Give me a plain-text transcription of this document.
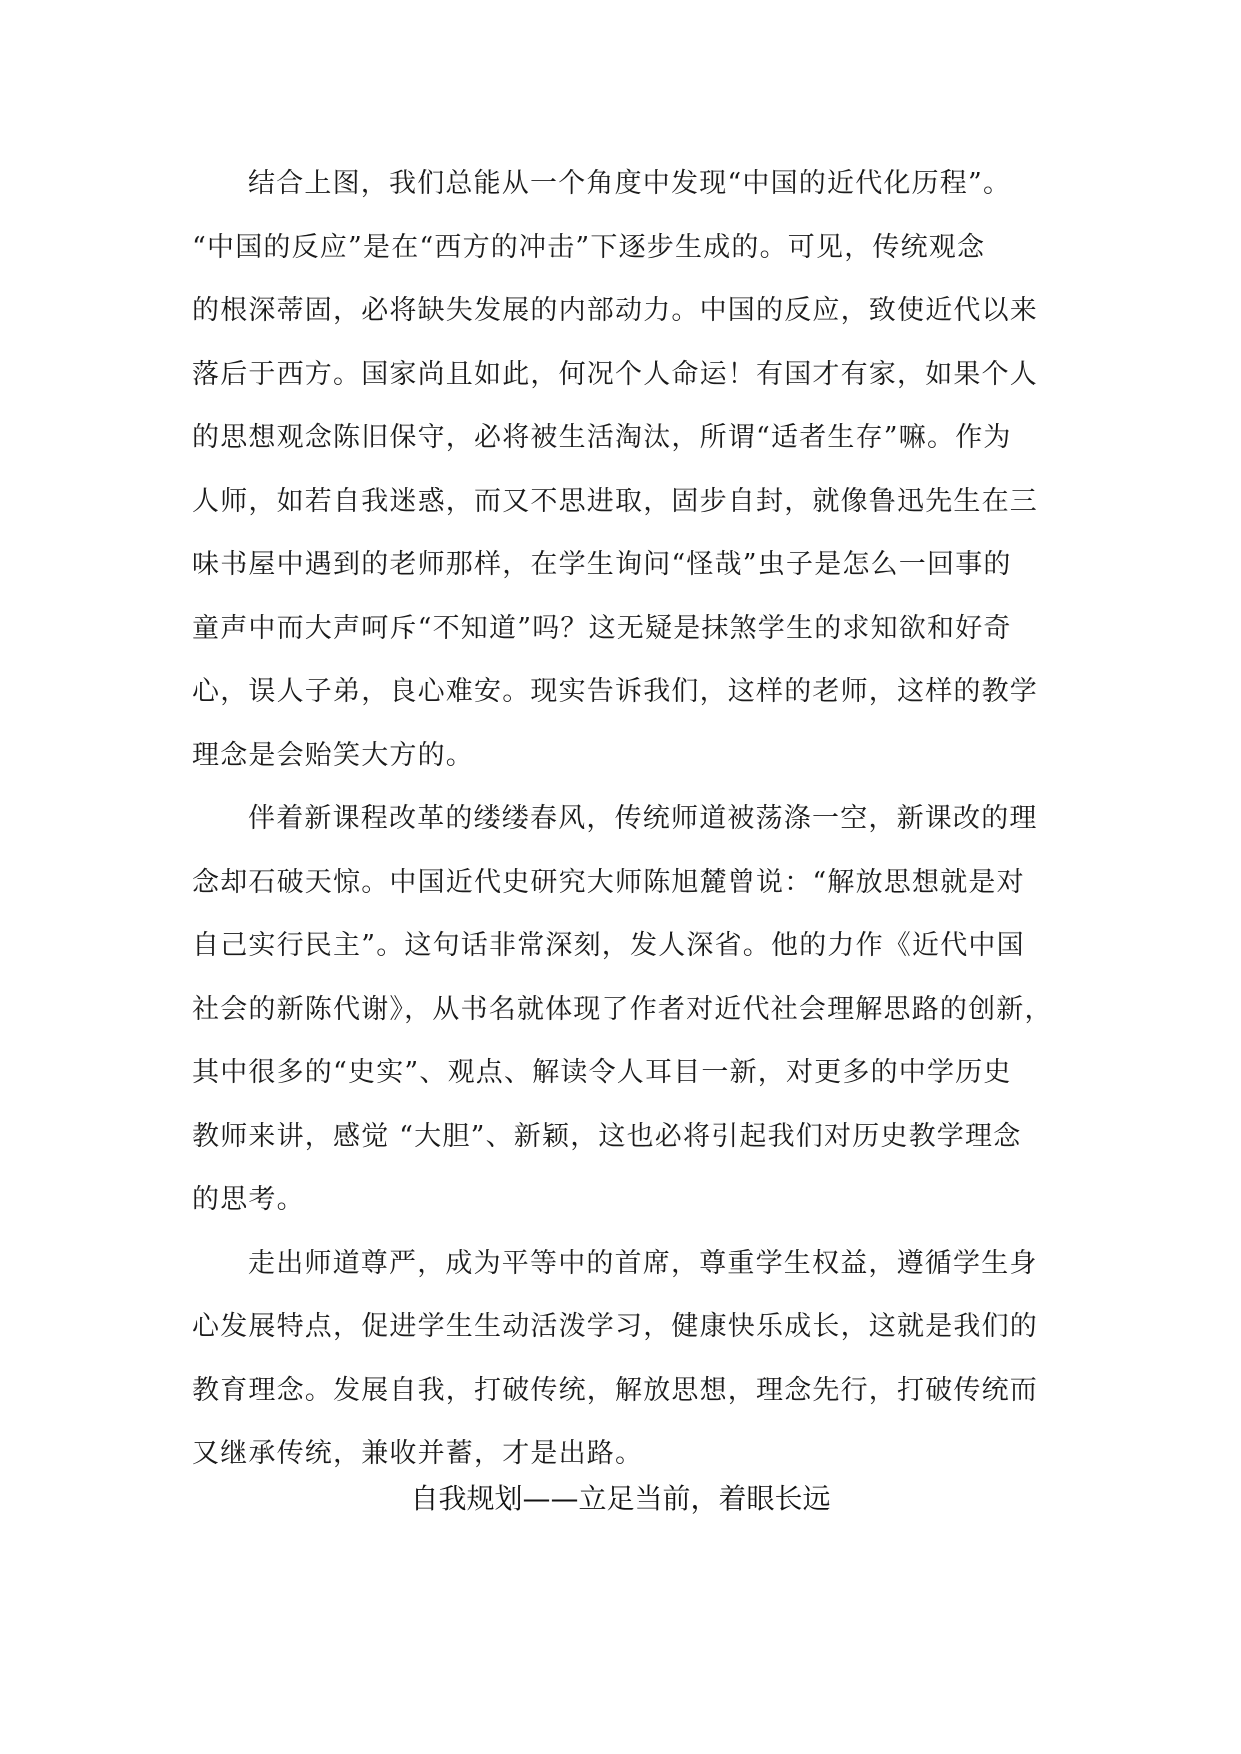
结合上图，我们总能从一个角度中发现“中国的近代化历程”。
“中国的反应”是在“西方的冲击”下逐步生成的。可见，传统观念
的根深蒂固，必将缺失发展的内部动力。中国的反应，致使近代以来
落后于西方。国家尚且如此，何况个人命运！有国才有家，如果个人
的思想观念陈旧保守，必将被生活淘汰，所谓“适者生存”嘛。作为
人师，如若自我迷惑，而又不思进取，固步自封，就像鲁迅先生在三
味书屋中遇到的老师那样，在学生询问“怪哉”虫子是怎么一回事的
童声中而大声呵斥“不知道”吗？这无疑是抹煞学生的求知欲和好奇
心，误人子弟，良心难安。现实告诉我们，这样的老师，这样的教学
理念是会贻笑大方的。
伴着新课程改革的缕缕春风，传统师道被荡涤一空，新课改的理
念却石破天惊。中国近代史研究大师陈旭麓曾说：“解放思想就是对
自己实行民主”。这句话非常深刻，发人深省。他的力作《近代中国
社会的新陈代谢》，从书名就体现了作者对近代社会理解思路的创新，
其中很多的“史实”、观点、解读令人耳目一新，对更多的中学历史
教师来讲，感觉 “大胆”、新颖，这也必将引起我们对历史教学理念
的思考。
走出师道尊严，成为平等中的首席，尊重学生权益，遵循学生身
心发展特点，促进学生生动活泼学习，健康快乐成长，这就是我们的
教育理念。发展自我，打破传统，解放思想，理念先行，打破传统而
又继承传统，兼收并蓄，才是出路。
自我规划——立足当前，着眼长远
